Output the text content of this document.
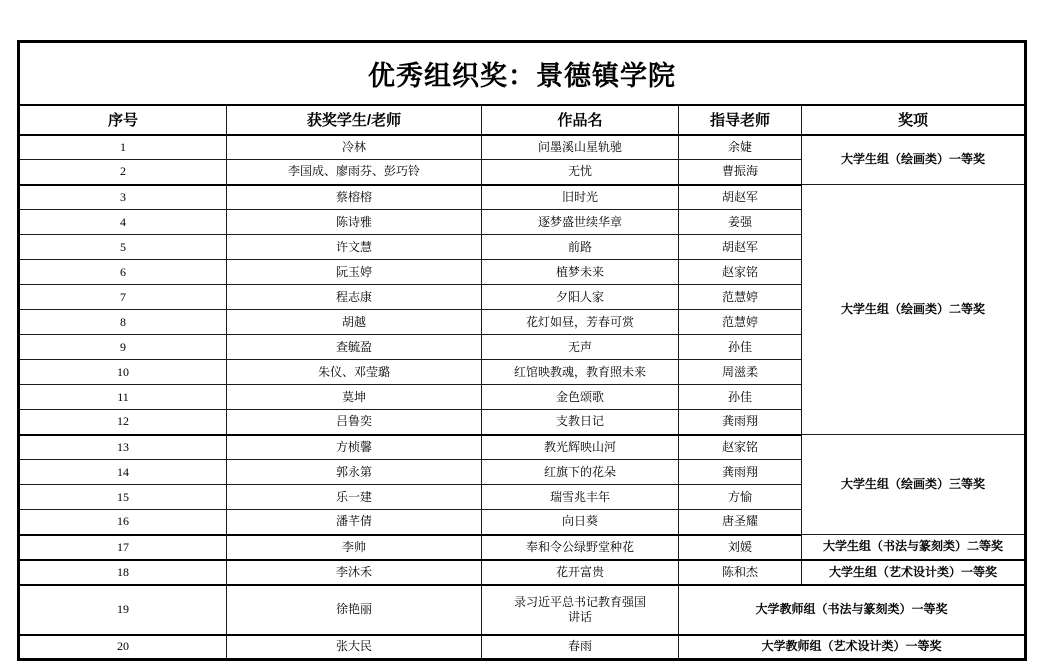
优秀组织奖：景德镇学院				
序号	获奖学生/老师	作品名	指导老师	奖项
1	冷林	问墨溪山星轨驰	余婕	大学生组（绘画类）一等奖
2	李国成、廖雨芬、彭巧铃	无忧	曹振海	
3	蔡榕榕	旧时光	胡赵军	大学生组（绘画类）二等奖
4	陈诗雅	逐梦盛世续华章	姜强	
5	许文慧	前路	胡赵军	
6	阮玉婷	植梦未来	赵家铭	
7	程志康	夕阳人家	范慧婷	
8	胡越	花灯如昼，芳春可赏	范慧婷	
9	查毓盈	无声	孙佳	
10	朱仪、邓莹璐	红馆映教魂，教育照未来	周滋柔	
11	莫坤	金色颂歌	孙佳	
12	吕鲁奕	支教日记	龚雨翔	
13	方桢馨	教光辉映山河	赵家铭	大学生组（绘画类）三等奖
14	郭永第	红旗下的花朵	龚雨翔	
15	乐一建	瑞雪兆丰年	方愉	
16	潘芊倩	向日葵	唐圣耀	
17	李帅	奉和令公绿野堂种花	刘媛	大学生组（书法与篆刻类）二等奖
18	李沐禾	花开富贵	陈和杰	大学生组（艺术设计类）一等奖
19	徐艳丽	录习近平总书记教育强国讲话	大学教师组（书法与篆刻类）一等奖	
20	张大民	春雨	大学教师组（艺术设计类）一等奖	
